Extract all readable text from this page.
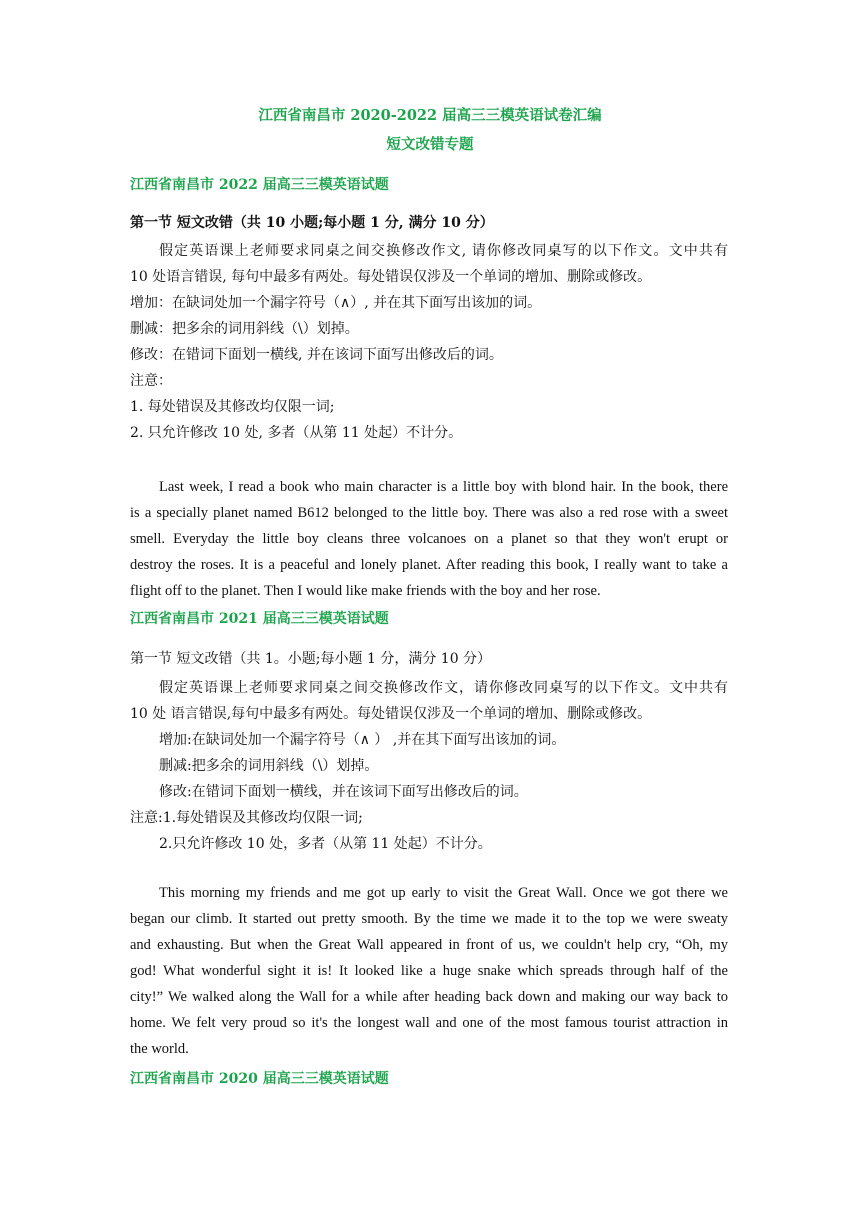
江西省南昌市 2020-2022 届高三三模英语试卷汇编
短文改错专题
江西省南昌市 2022 届高三三模英语试题
第一节 短文改错（共 10 小题;每小题 1 分, 满分 10 分）
假定英语课上老师要求同桌之间交换修改作文, 请你修改同桌写的以下作文。文中共有
10 处语言错误, 每句中最多有两处。每处错误仅涉及一个单词的增加、删除或修改。
增加：在缺词处加一个漏字符号（∧）, 并在其下面写出该加的词。
删减：把多余的词用斜线（\）划掉。
修改：在错词下面划一横线, 并在该词下面写出修改后的词。
注意：
1. 每处错误及其修改均仅限一词;
2. 只允许修改 10 处, 多者（从第 11 处起）不计分。
Last week, I read a book who main character is a little boy with blond hair. In the book, there
is a specially planet named B612 belonged to the little boy. There was also a red rose with a sweet
smell. Everyday the little boy cleans three volcanoes on a planet so that they won't erupt or
destroy the roses. It is a peaceful and lonely planet. After reading this book, I really want to take a
flight off to the planet. Then I would like make friends with the boy and her rose.
江西省南昌市 2021 届高三三模英语试题
第一节 短文改错（共 1。小题;每小题 1 分，满分 10 分）
假定英语课上老师要求同桌之间交换修改作文，请你修改同桌写的以下作文。文中共有
10 处 语言错误,每句中最多有两处。每处错误仅涉及一个单词的增加、删除或修改。
增加:在缺词处加一个漏字符号（∧ ） ,并在其下面写出该加的词。
删减:把多余的词用斜线（\）划掉。
修改:在错词下面划一横线，并在该词下面写出修改后的词。
注意:1.每处错误及其修改均仅限一词;
2.只允许修改 10 处，多者（从第 11 处起）不计分。
This morning my friends and me got up early to visit the Great Wall. Once we got there we
began our climb. It started out pretty smooth. By the time we made it to the top we were sweaty
and exhausting. But when the Great Wall appeared in front of us, we couldn't help cry, “Oh, my
god! What wonderful sight it is! It looked like a huge snake which spreads through half of the
city!” We walked along the Wall for a while after heading back down and making our way back to
home. We felt very proud so it's the longest wall and one of the most famous tourist attraction in
the world.
江西省南昌市 2020 届高三三模英语试题
